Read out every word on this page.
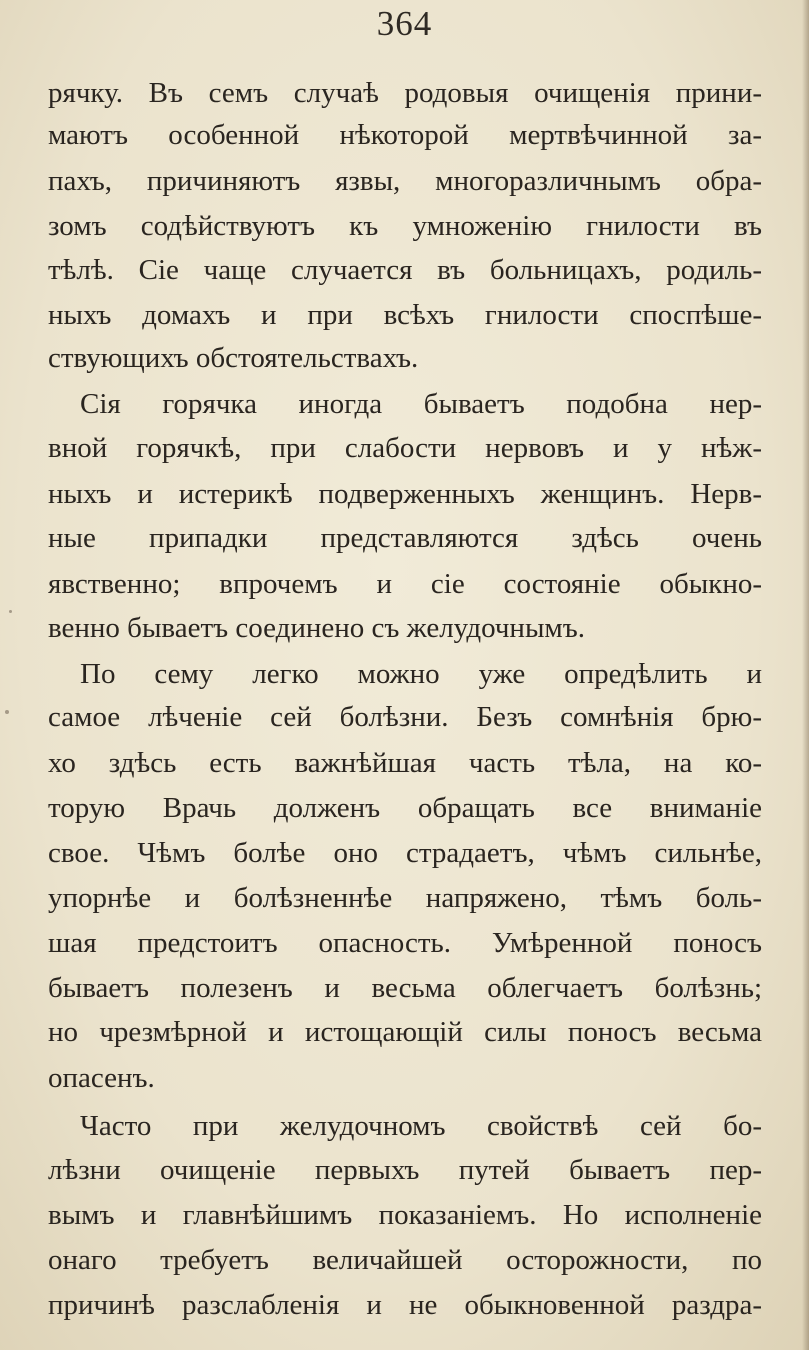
364
рячку. Въ семъ случаѣ родовыя очищенія прини-
маютъ особенной нѣкоторой мертвѣчинной за-
пахъ, причиняютъ язвы, многоразличнымъ обра-
зомъ содѣйствуютъ къ умноженію гнилости въ
тѣлѣ. Сіе чаще случается въ больницахъ, родиль-
ныхъ домахъ и при всѣхъ гнилости споспѣше-
ствующихъ обстоятельствахъ.
Сія горячка иногда бываетъ подобна нер-
вной горячкѣ, при слабости нервовъ и у нѣж-
ныхъ и истерикѣ подверженныхъ женщинъ. Нерв-
ные припадки представляются здѣсь очень
явственно; впрочемъ и сіе состояніе обыкно-
венно бываетъ соединено съ желудочнымъ.
По сему легко можно уже опредѣлить и
самое лѣченіе сей болѣзни. Безъ сомнѣнія брю-
хо здѣсь есть важнѣйшая часть тѣла, на ко-
торую Врачь долженъ обращать все вниманіе
свое. Чѣмъ болѣе оно страдаетъ, чѣмъ сильнѣе,
упорнѣе и болѣзненнѣе напряжено, тѣмъ боль-
шая предстоитъ опасность. Умѣренной поносъ
бываетъ полезенъ и весьма облегчаетъ болѣзнь;
но чрезмѣрной и истощающій силы поносъ весьма
опасенъ.
Часто при желудочномъ свойствѣ сей бо-
лѣзни очищеніе первыхъ путей бываетъ пер-
вымъ и главнѣйшимъ показаніемъ. Но исполненіе
онаго требуетъ величайшей осторожности, по
причинѣ разслабленія и не обыкновенной раздра-
